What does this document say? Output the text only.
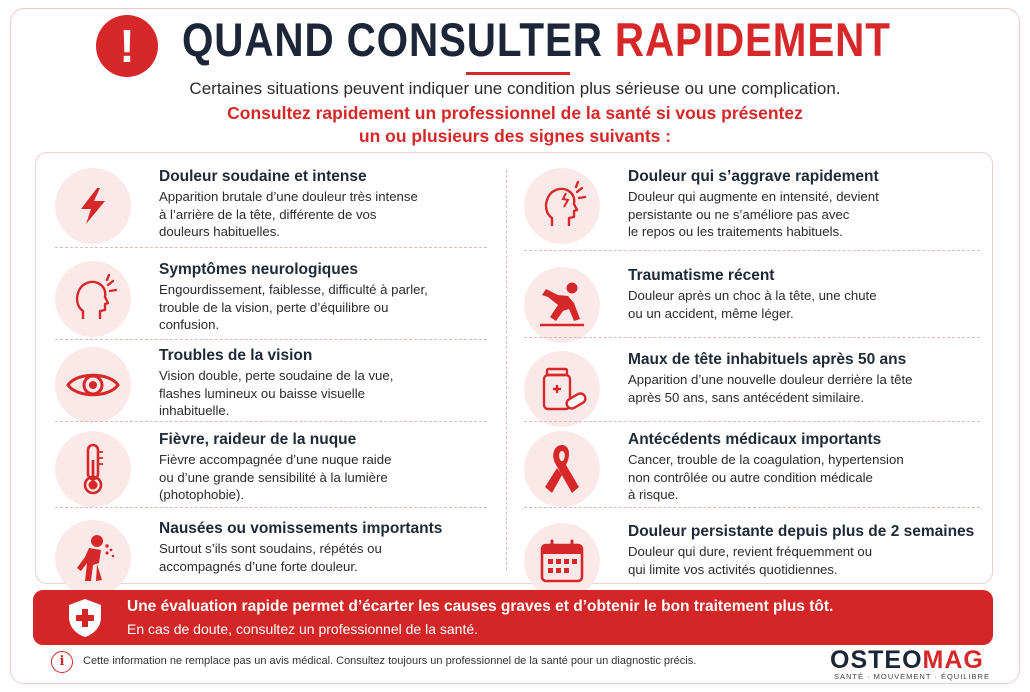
!	QUAND CONSULTER RAPIDEMENT
Certaines situations peuvent indiquer une condition plus sérieuse ou une complication.
Consultez rapidement un professionnel de la santé si vous présentez
un ou plusieurs des signes suivants :
Douleur soudaine et intense
Apparition brutale d’une douleur très intense
à l’arrière de la tête, différente de vos
douleurs habituelles.
Symptômes neurologiques
Engourdissement, faiblesse, difficulté à parler,
trouble de la vision, perte d’équilibre ou
confusion.
Troubles de la vision
Vision double, perte soudaine de la vue,
flashes lumineux ou baisse visuelle
inhabituelle.
Fièvre, raideur de la nuque
Fièvre accompagnée d’une nuque raide
ou d’une grande sensibilité à la lumière
(photophobie).
Nausées ou vomissements importants
Surtout s’ils sont soudains, répétés ou
accompagnés d’une forte douleur.
Douleur qui s’aggrave rapidement
Douleur qui augmente en intensité, devient
persistante ou ne s’améliore pas avec
le repos ou les traitements habituels.
Traumatisme récent
Douleur après un choc à la tête, une chute
ou un accident, même léger.
Maux de tête inhabituels après 50 ans
Apparition d’une nouvelle douleur derrière la tête
après 50 ans, sans antécédent similaire.
Antécédents médicaux importants
Cancer, trouble de la coagulation, hypertension
non contrôlée ou autre condition médicale
à risque.
Douleur persistante depuis plus de 2 semaines
Douleur qui dure, revient fréquemment ou
qui limite vos activités quotidiennes.
Une évaluation rapide permet d’écarter les causes graves et d’obtenir le bon traitement plus tôt.
En cas de doute, consultez un professionnel de la santé.
i	Cette information ne remplace pas un avis médical. Consultez toujours un professionnel de la santé pour un diagnostic précis.	OSTEOMAG
SANTÉ · MOUVEMENT · ÉQUILIBRE
